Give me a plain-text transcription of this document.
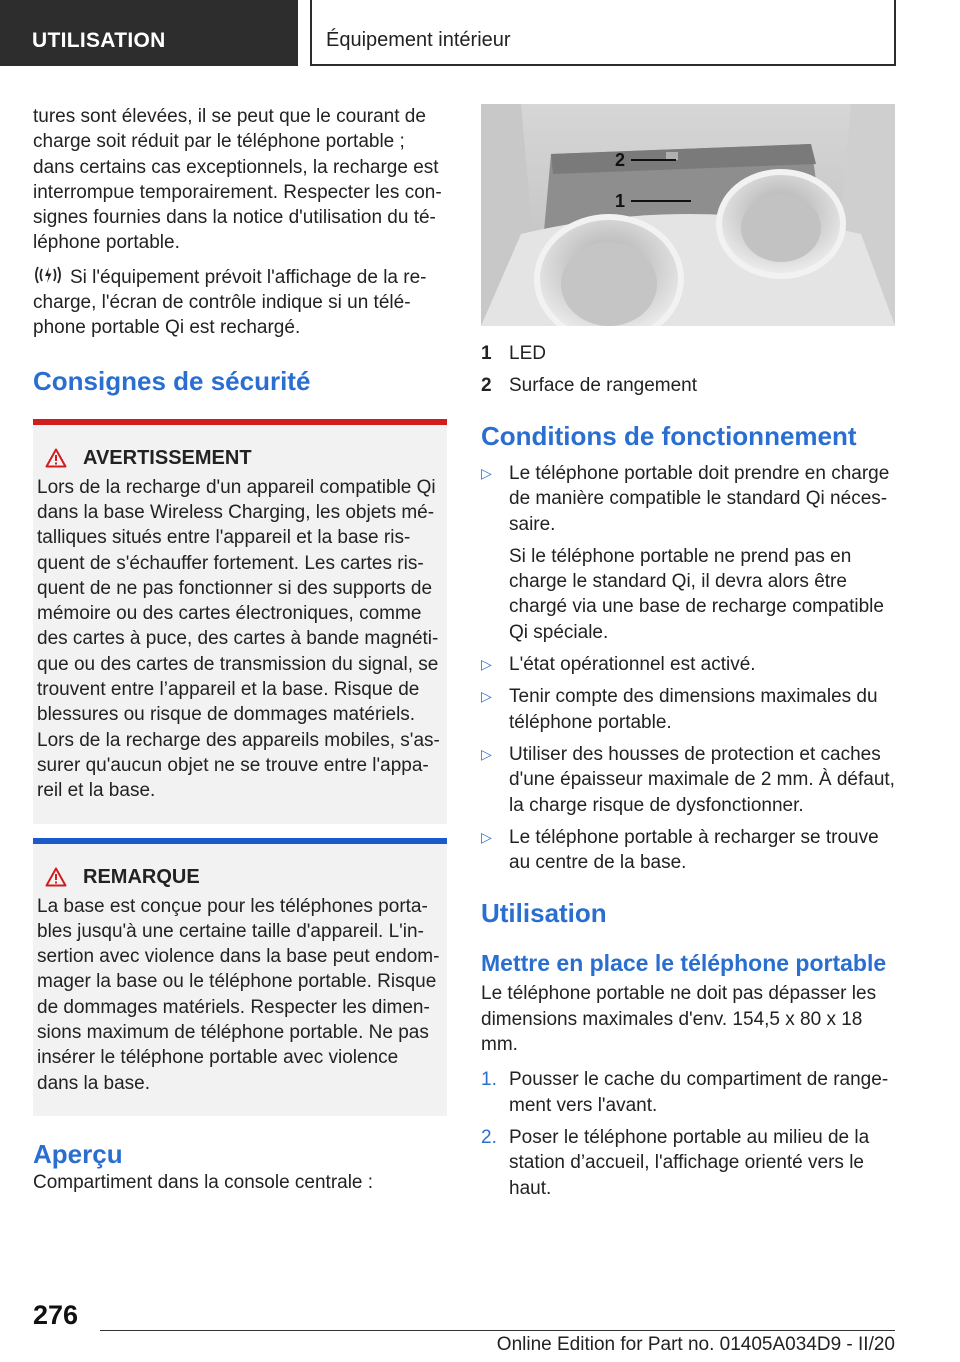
UTILISATION	Équipement intérieur

tures sont élevées, il se peut que le courant de charge soit réduit par le téléphone portable ; dans certains cas exceptionnels, la recharge est interrompue temporairement. Respecter les con‐signes fournies dans la notice d'utilisation du té‐léphone portable.

Si l'équipement prévoit l'affichage de la re‐charge, l'écran de contrôle indique si un télé‐phone portable Qi est rechargé.

Consignes de sécurité
AVERTISSEMENT

Lors de la recharge d'un appareil compatible Qi dans la base Wireless Charging, les objets mé‐talliques situés entre l'appareil et la base ris‐quent de s'échauffer fortement. Les cartes ris‐quent de ne pas fonctionner si des supports de mémoire ou des cartes électroniques, comme des cartes à puce, des cartes à bande magnéti‐que ou des cartes de transmission du signal, se trouvent entre l’appareil et la base. Risque de blessures ou risque de dommages matériels. Lors de la recharge des appareils mobiles, s'as‐surer qu'aucun objet ne se trouve entre l'appa‐reil et la base.

REMARQUE

La base est conçue pour les téléphones porta‐bles jusqu'à une certaine taille d'appareil. L'in‐sertion avec violence dans la base peut endom‐mager la base ou le téléphone portable. Risque de dommages matériels. Respecter les dimen‐sions maximum de téléphone portable. Ne pas insérer le téléphone portable avec violence dans la base.

Aperçu

Compartiment dans la console centrale :

2
1
1 LED
2 Surface de rangement
Conditions de fonctionnement
▷ Le téléphone portable doit prendre en charge de manière compatible le standard Qi néces‐saire.

Si le téléphone portable ne prend pas en charge le standard Qi, il devra alors être chargé via une base de recharge compatible Qi spéciale.

▷ L'état opérationnel est activé.

▷ Tenir compte des dimensions maximales du téléphone portable.

▷ Utiliser des housses de protection et caches d'une épaisseur maximale de 2 mm. À défaut, la charge risque de dysfonctionner.

▷ Le téléphone portable à recharger se trouve au centre de la base.

Utilisation
Mettre en place le téléphone portable

Le téléphone portable ne doit pas dépasser les dimensions maximales d'env. 154,5 x 80 x 18 mm.

1. Pousser le cache du compartiment de range‐ment vers l'avant.

2. Poser le téléphone portable au milieu de la station d’accueil, l'affichage orienté vers le haut.

276
Online Edition for Part no. 01405A034D9 - II/20
